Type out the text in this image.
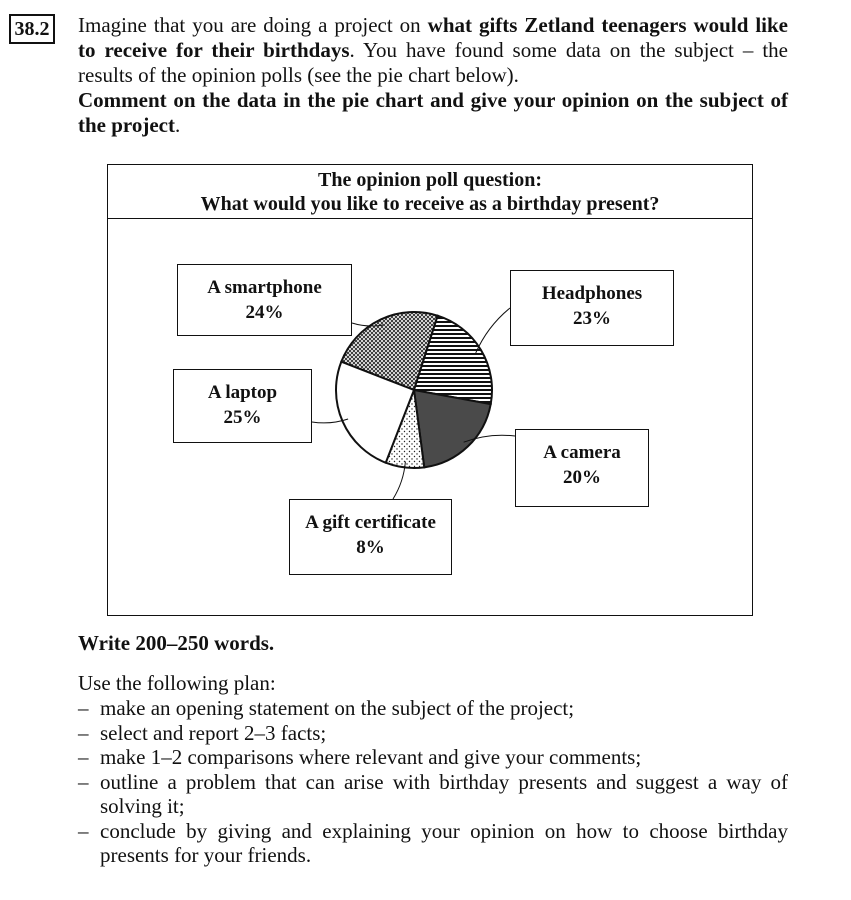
38.2 Imagine that you are doing a project on what gifts Zetland teenagers would like to receive for their birthdays. You have found some data on the subject – the results of the opinion polls (see the pie chart below).

Comment on the data in the pie chart and give your opinion on the subject of the project.

The opinion poll question:
What would you like to receive as a birthday present?
A smartphone
24%
Headphones
23%
A camera
20%
A gift certificate
8%
A laptop
25%
Write 200–250 words.
Use the following plan:
– make an opening statement on the subject of the project;
– select and report 2–3 facts;
– make 1–2 comparisons where relevant and give your comments;
– outline a problem that can arise with birthday presents and suggest a way of solving it;
– conclude by giving and explaining your opinion on how to choose birthday presents for your friends.
